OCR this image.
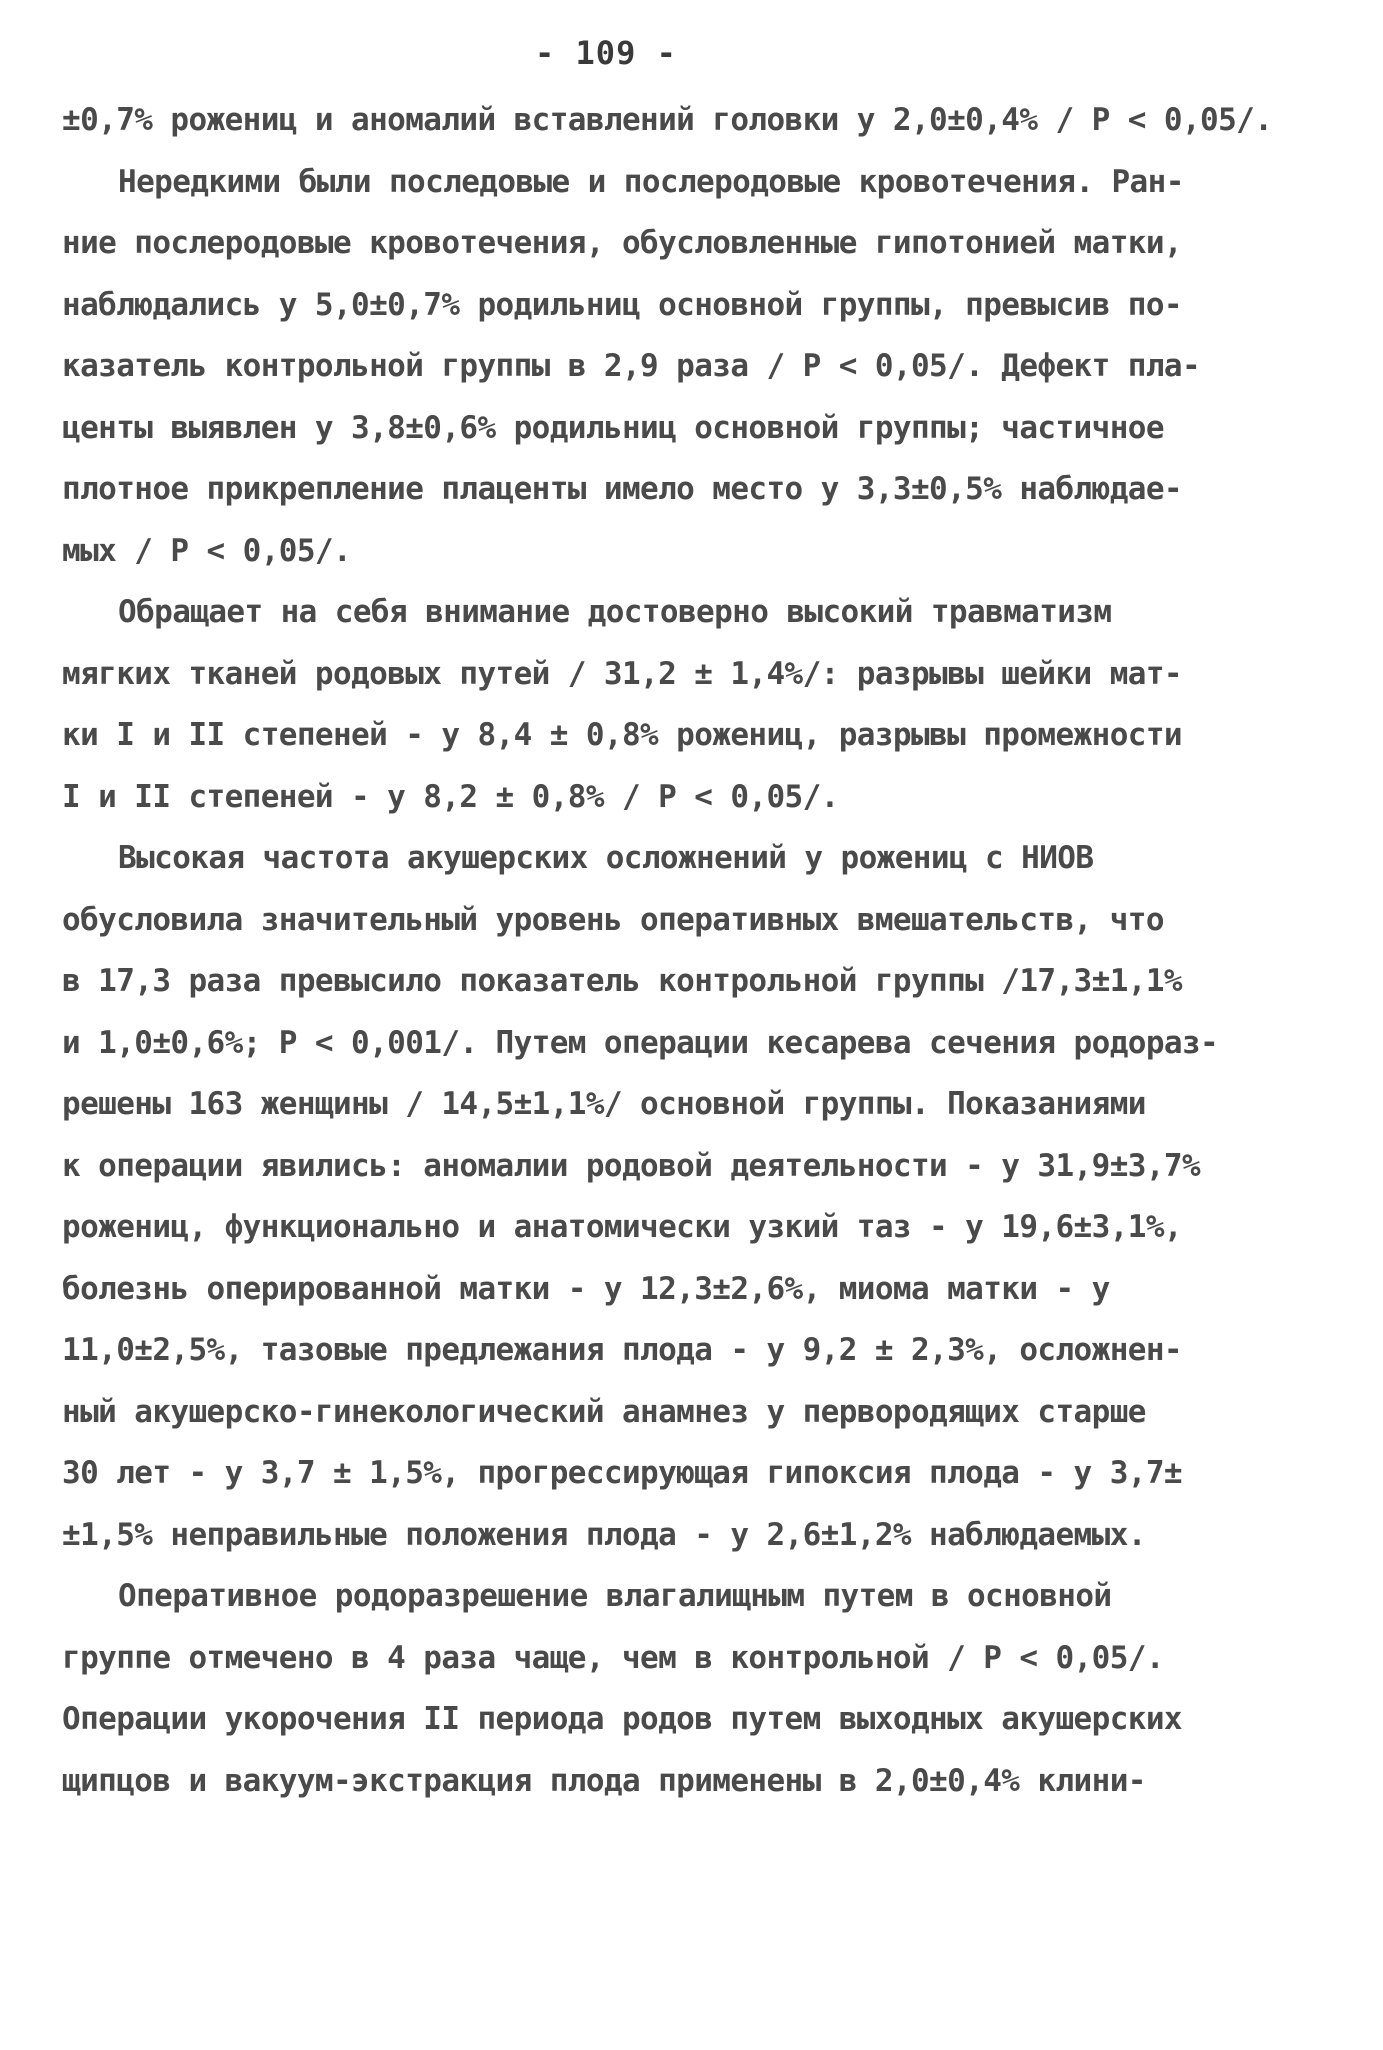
- 109 -
±0,7% рожениц и аномалий вставлений головки у 2,0±0,4% / P < 0,05/.
Нередкими были последовые и послеродовые кровотечения. Ран-
ние послеродовые кровотечения, обусловленные гипотонией матки,
наблюдались у 5,0±0,7% родильниц основной группы, превысив по-
казатель контрольной группы в 2,9 раза / P < 0,05/. Дефект пла-
центы выявлен у 3,8±0,6% родильниц основной группы; частичное
плотное прикрепление плаценты имело место у 3,3±0,5% наблюдае-
мых / P < 0,05/.
Обращает на себя внимание достоверно высокий травматизм
мягких тканей родовых путей / 31,2 ± 1,4%/: разрывы шейки мат-
ки I и II степеней - у 8,4 ± 0,8% рожениц, разрывы промежности
I и II степеней - у 8,2 ± 0,8% / P < 0,05/.
Высокая частота акушерских осложнений у рожениц с НИОВ
обусловила значительный уровень оперативных вмешательств, что
в 17,3 раза превысило показатель контрольной группы /17,3±1,1%
и 1,0±0,6%; P < 0,001/. Путем операции кесарева сечения родораз-
решены 163 женщины / 14,5±1,1%/ основной группы. Показаниями
к операции явились: аномалии родовой деятельности - у 31,9±3,7%
рожениц, функционально и анатомически узкий таз - у 19,6±3,1%,
болезнь оперированной матки - у 12,3±2,6%, миома матки - у
11,0±2,5%, тазовые предлежания плода - у 9,2 ± 2,3%, осложнен-
ный акушерско-гинекологический анамнез у первородящих старше
30 лет - у 3,7 ± 1,5%, прогрессирующая гипоксия плода - у 3,7±
±1,5% неправильные положения плода - у 2,6±1,2% наблюдаемых.
Оперативное родоразрешение влагалищным путем в основной
группе отмечено в 4 раза чаще, чем в контрольной / P < 0,05/.
Операции укорочения II периода родов путем выходных акушерских
щипцов и вакуум-экстракция плода применены в 2,0±0,4% клини-
